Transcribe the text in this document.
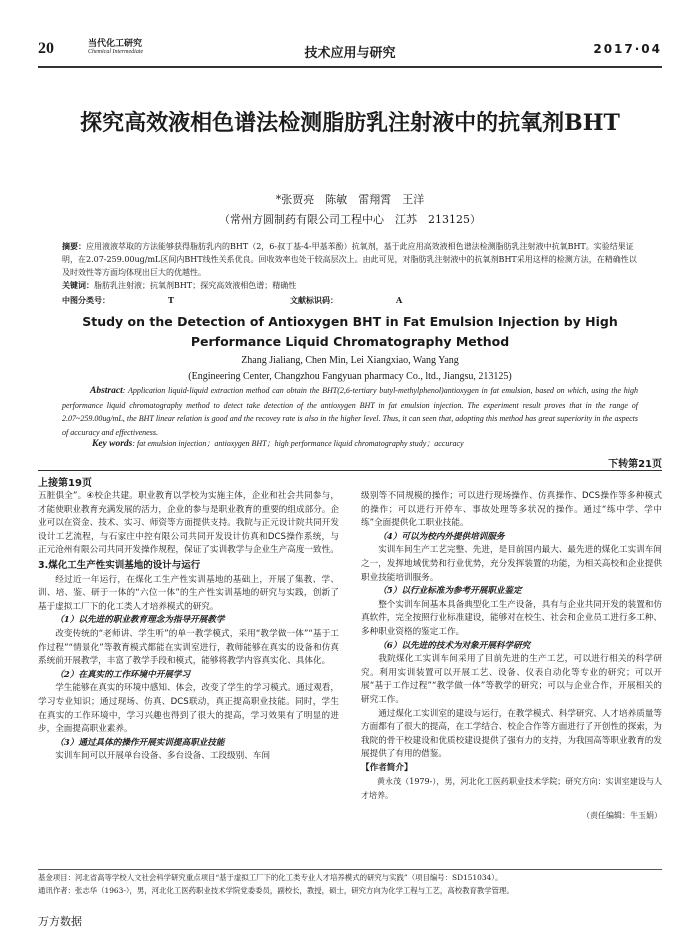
20	当代化工研究
Chemical Intermediate	技术应用与研究	2017·04
探究高效液相色谱法检测脂肪乳注射液中的抗氧剂BHT
*张贾亮　陈敏　雷翔霄　王洋
（常州方圆制药有限公司工程中心　江苏　213125）
摘要：应用液液萃取的方法能够获得脂肪乳内的BHT（2，6-叔丁基-4-甲基苯酚）抗氧剂，基于此应用高效液相色谱法检测脂肪乳注射液中抗氧BHT。实验结果证明，在2.07-259.00ug/mL区间内BHT线性关系优良。回收效率也处于较高层次上。由此可见，对脂肪乳注射液中的抗氧剂BHT采用这样的检测方法，在精确性以及时效性等方面均体现出巨大的优越性。
关键词：脂肪乳注射液；抗氧剂BHT；探究高效液相色谱；精确性
中图分类号：	T	文献标识码：	A
Study on the Detection of Antioxygen BHT in Fat Emulsion Injection by High Performance Liquid Chromatography Method
Zhang Jialiang, Chen Min, Lei Xiangxiao, Wang Yang
(Engineering Center, Changzhou Fangyuan pharmacy Co., ltd., Jiangsu, 213125)
Abstract: Application liquid-liquid extraction method can obtain the BHT(2,6-tertiary butyl-methylphenol)antioxygen in fat emulsion, based on which, using the high performance liquid chromatography method to detect take detection of the antioxygen BHT in fat emulsion injection. The experiment result proves that in the range of 2.07~259.00ug/mL, the BHT linear relation is good and the recovey rate is also in the higher level. Thus, it can seen that, adopting this method has great superiority in the aspects of accuracy and effectiveness.
Key words: fat emulsion injection；antioxygen BHT；high performance liquid chromatography study；accuracy
下转第21页
上接第19页

五脏俱全”。④校企共建。职业教育以学校为实施主体，企业和社会共同参与，才能使职业教育充满发展的活力，企业的参与是职业教育的重要的组成部分。企业可以在资金、技术、实习、师资等方面提供支持。我院与正元设计院共同开发设计工艺流程，与石家庄中控有限公司共同开发设计仿真和DCS操作系统，与正元沧州有限公司共同开发操作规程，保证了实训教学与企业生产高度一致性。

3.煤化工生产性实训基地的设计与运行

经过近一年运行，在煤化工生产性实训基地的基础上，开展了集教、学、训、培、鉴、研于一体的“六位一体”的生产性实训基地的研究与实践，创新了基于虚拟工厂下的化工类人才培养模式的研究。

（1）以先进的职业教育理念为指导开展教学

改变传统的“老师讲、学生听”的单一教学模式，采用“教学做一体”“基于工作过程”“情景化”等教育模式都能在实训室进行，教师能够在真实的设备和仿真系统前开展教学，丰富了教学手段和模式，能够将教学内容真实化、具体化。

（2）在真实的工作环境中开展学习

学生能够在真实的环境中感知、体会，改变了学生的学习模式。通过观看，学习专业知识；通过现场、仿真、DCS联动，真正提高职业技能。同时，学生在真实的工作环境中，学习兴趣也得到了很大的提高，学习效果有了明显的进步，全面提高职业素养。

（3）通过具体的操作开展实训提高职业技能

实训车间可以开展单台设备、多台设备、工段级别、车间

级别等不同规模的操作；可以进行现场操作、仿真操作、DCS操作等多种模式的操作；可以进行开停车、事故处理等多状况的操作。通过“练中学、学中练”全面提供化工职业技能。

（4）可以为校内外提供培训服务

实训车间生产工艺完整、先进，是目前国内最大、最先进的煤化工实训车间之一，发挥地域优势和行业优势，充分发挥装置的功能，为相关高校和企业提供职业技能培训服务。

（5）以行业标准为参考开展职业鉴定

整个实训车间基本具备典型化工生产设备，具有与企业共同开发的装置和仿真软件，完全按照行业标准建设，能够对在校生、社会和企业员工进行多工种、多种职业资格的鉴定工作。

（6）以先进的技术为对象开展科学研究

我院煤化工实训车间采用了目前先进的生产工艺，可以进行相关的科学研究。利用实训装置可以开展工艺、设备、仪表自动化等专业的研究；可以开展“基于工作过程”“教学做一体”等教学的研究；可以与企业合作，开展相关的研究工作。

通过煤化工实训室的建设与运行，在教学模式、科学研究、人才培养质量等方面都有了很大的提高，在工学结合、校企合作等方面进行了开创性的探索，为我院的骨干校建设和优质校建设提供了强有力的支持，为我国高等职业教育的发展提供了有用的借鉴。

【作者简介】

黄永茂（1979-），男，河北化工医药职业技术学院；研究方向：实训室建设与人才培养。

（责任编辑：牛玉娟）

基金项目：河北省高等学校人文社会科学研究重点项目“基于虚拟工厂下的化工类专业人才培养模式的研究与实践”（项目编号：SD151034）。
通讯作者：张志华（1963-），男，河北化工医药职业技术学院党委委员，副校长，教授，硕士，研究方向为化学工程与工艺，高校教育教学管理。
万方数据
